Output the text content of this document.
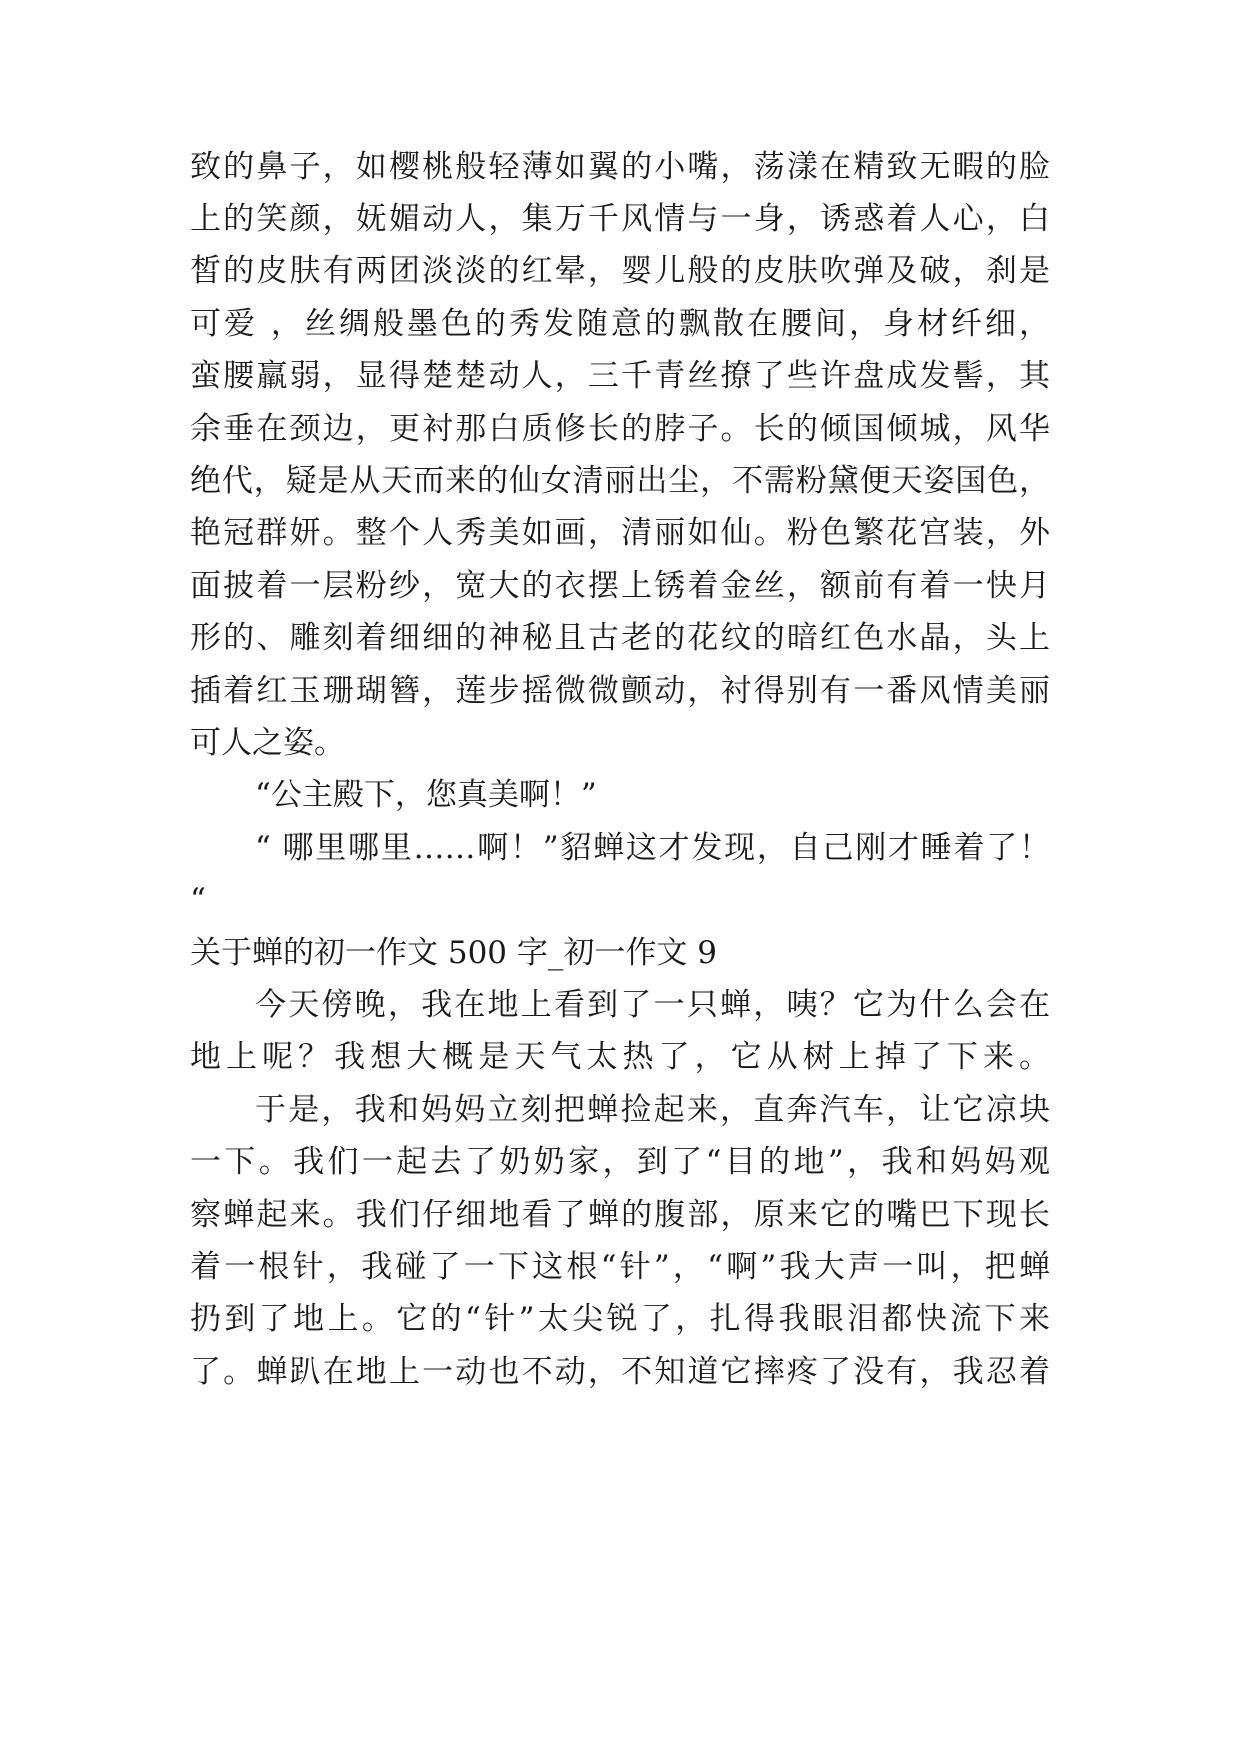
致的鼻子，如樱桃般轻薄如翼的小嘴，荡漾在精致无暇的脸
上的笑颜，妩媚动人，集万千风情与一身，诱惑着人心，白
皙的皮肤有两团淡淡的红晕，婴儿般的皮肤吹弹及破，刹是
可爱 ，丝绸般墨色的秀发随意的飘散在腰间，身材纤细，
蛮腰羸弱，显得楚楚动人，三千青丝撩了些许盘成发髻，其
余垂在颈边，更衬那白质修长的脖子。长的倾国倾城，风华
绝代，疑是从天而来的仙女清丽出尘，不需粉黛便天姿国色，
艳冠群妍。整个人秀美如画，清丽如仙。粉色繁花宫装，外
面披着一层粉纱，宽大的衣摆上锈着金丝，额前有着一快月
形的、雕刻着细细的神秘且古老的花纹的暗红色水晶，头上
插着红玉珊瑚簪，莲步摇微微颤动，衬得别有一番风情美丽
可人之姿。
“公主殿下，您真美啊！”
“ 哪里哪里……啊！”貂蝉这才发现，自己刚才睡着了！
“
关于蝉的初一作文 500 字_初一作文 9
今天傍晚，我在地上看到了一只蝉，咦？它为什么会在
地上呢？我想大概是天气太热了，它从树上掉了下来。
于是，我和妈妈立刻把蝉捡起来，直奔汽车，让它凉块
一下。我们一起去了奶奶家，到了“目的地”，我和妈妈观
察蝉起来。我们仔细地看了蝉的腹部，原来它的嘴巴下现长
着一根针，我碰了一下这根“针”，“啊”我大声一叫，把蝉
扔到了地上。它的“针”太尖锐了，扎得我眼泪都快流下来
了。蝉趴在地上一动也不动，不知道它摔疼了没有，我忍着
